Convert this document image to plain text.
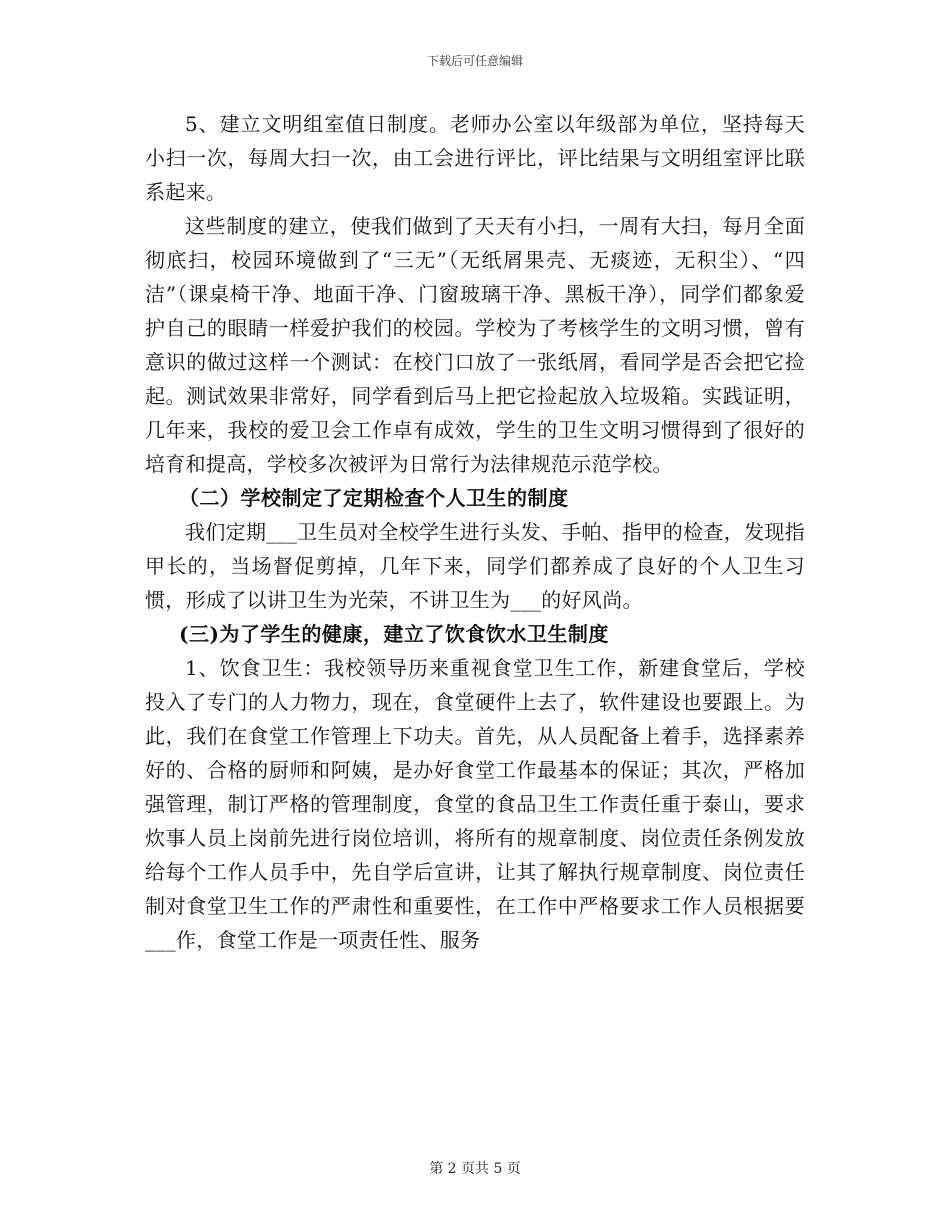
下载后可任意编辑

5、建立文明组室值日制度。老师办公室以年级部为单位，坚持每天小扫一次，每周大扫一次，由工会进行评比，评比结果与文明组室评比联系起来。

这些制度的建立，使我们做到了天天有小扫，一周有大扫，每月全面彻底扫，校园环境做到了“三无”（无纸屑果壳、无痰迹，无积尘）、“四洁”（课桌椅干净、地面干净、门窗玻璃干净、黑板干净），同学们都象爱护自己的眼睛一样爱护我们的校园。学校为了考核学生的文明习惯，曾有意识的做过这样一个测试：在校门口放了一张纸屑，看同学是否会把它捡起。测试效果非常好，同学看到后马上把它捡起放入垃圾箱。实践证明，几年来，我校的爱卫会工作卓有成效，学生的卫生文明习惯得到了很好的培育和提高，学校多次被评为日常行为法律规范示范学校。

（二）学校制定了定期检查个人卫生的制度

我们定期___卫生员对全校学生进行头发、手帕、指甲的检查，发现指甲长的，当场督促剪掉，几年下来，同学们都养成了良好的个人卫生习惯，形成了以讲卫生为光荣，不讲卫生为___的好风尚。

(三)为了学生的健康，建立了饮食饮水卫生制度

1、饮食卫生：我校领导历来重视食堂卫生工作，新建食堂后，学校投入了专门的人力物力，现在，食堂硬件上去了，软件建设也要跟上。为此，我们在食堂工作管理上下功夫。首先，从人员配备上着手，选择素养好的、合格的厨师和阿姨，是办好食堂工作最基本的保证；其次，严格加强管理，制订严格的管理制度，食堂的食品卫生工作责任重于泰山，要求炊事人员上岗前先进行岗位培训，将所有的规章制度、岗位责任条例发放给每个工作人员手中，先自学后宣讲，让其了解执行规章制度、岗位责任制对食堂卫生工作的严肃性和重要性，在工作中严格要求工作人员根据要___作，食堂工作是一项责任性、服务

第 2 页共 5 页
